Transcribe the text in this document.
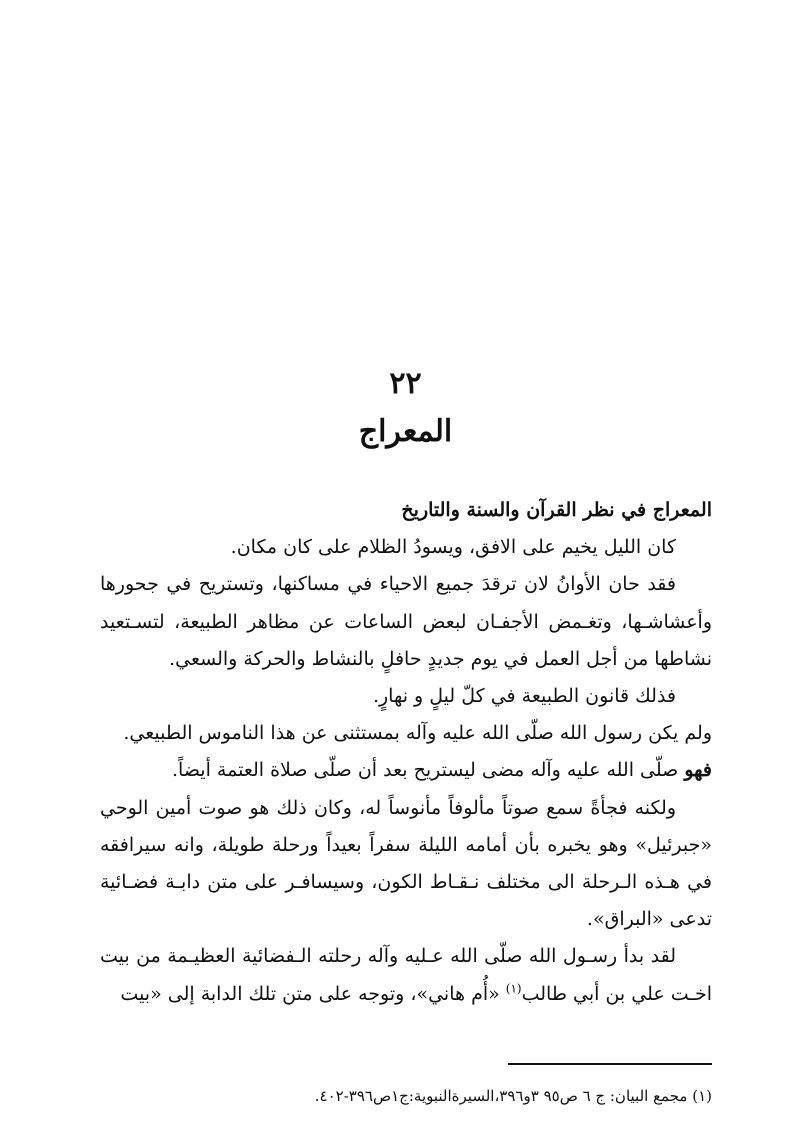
٢٢
المعراج

المعراج في نظر القرآن والسنة والتاريخ

كان الليل يخيم على الافق، ويسودُ الظلام على كان مكان.

فقد حان الأوانُ لان ترقدَ جميع الاحياء في مساكنها، وتستريح في جحورها وأعشاشـها، وتغـمض الأجفـان لبعض الساعات عن مظاهر الطبيعة، لتسـتعيد نشاطها من أجل العمل في يوم جديدٍ حافلٍ بالنشاط والحركة والسعي.

فذلك قانون الطبيعة في كلّ ليلٍ و نهارٍ.

ولم يكن رسول الله صلّى الله عليه وآله بمستثنى عن هذا الناموس الطبيعي.

فهو صلّى الله عليه وآله مضى ليستريح بعد أن صلّى صلاة العتمة أيضاً.

ولكنه فجأةً سمع صوتاً مألوفاً مأنوساً له، وكان ذلك هو صوت أمين الوحي «جبرئيل» وهو يخبره بأن أمامه الليلة سفراً بعيداً ورحلة طويلة، وانه سيرافقه في هـذه الـرحلة الى مختلف نـقـاط الكون، وسيسافـر على متن دابـة فضـائية تدعى «البراق».

لقد بدأ رسـول الله صلّى الله عـليه وآله رحلته الـفضائية العظيـمة من بيت اخـت علي بن أبي طالب$^{(١)}$ «أُم هاني»، وتوجه على متن تلك الدابة إلى «بيت

(١) مجمع البيان: ج ٦ ص٩٥ ٣و٣٩٦،السيرةالنبوية:ج١ص٣٩٦-٤٠٢.
